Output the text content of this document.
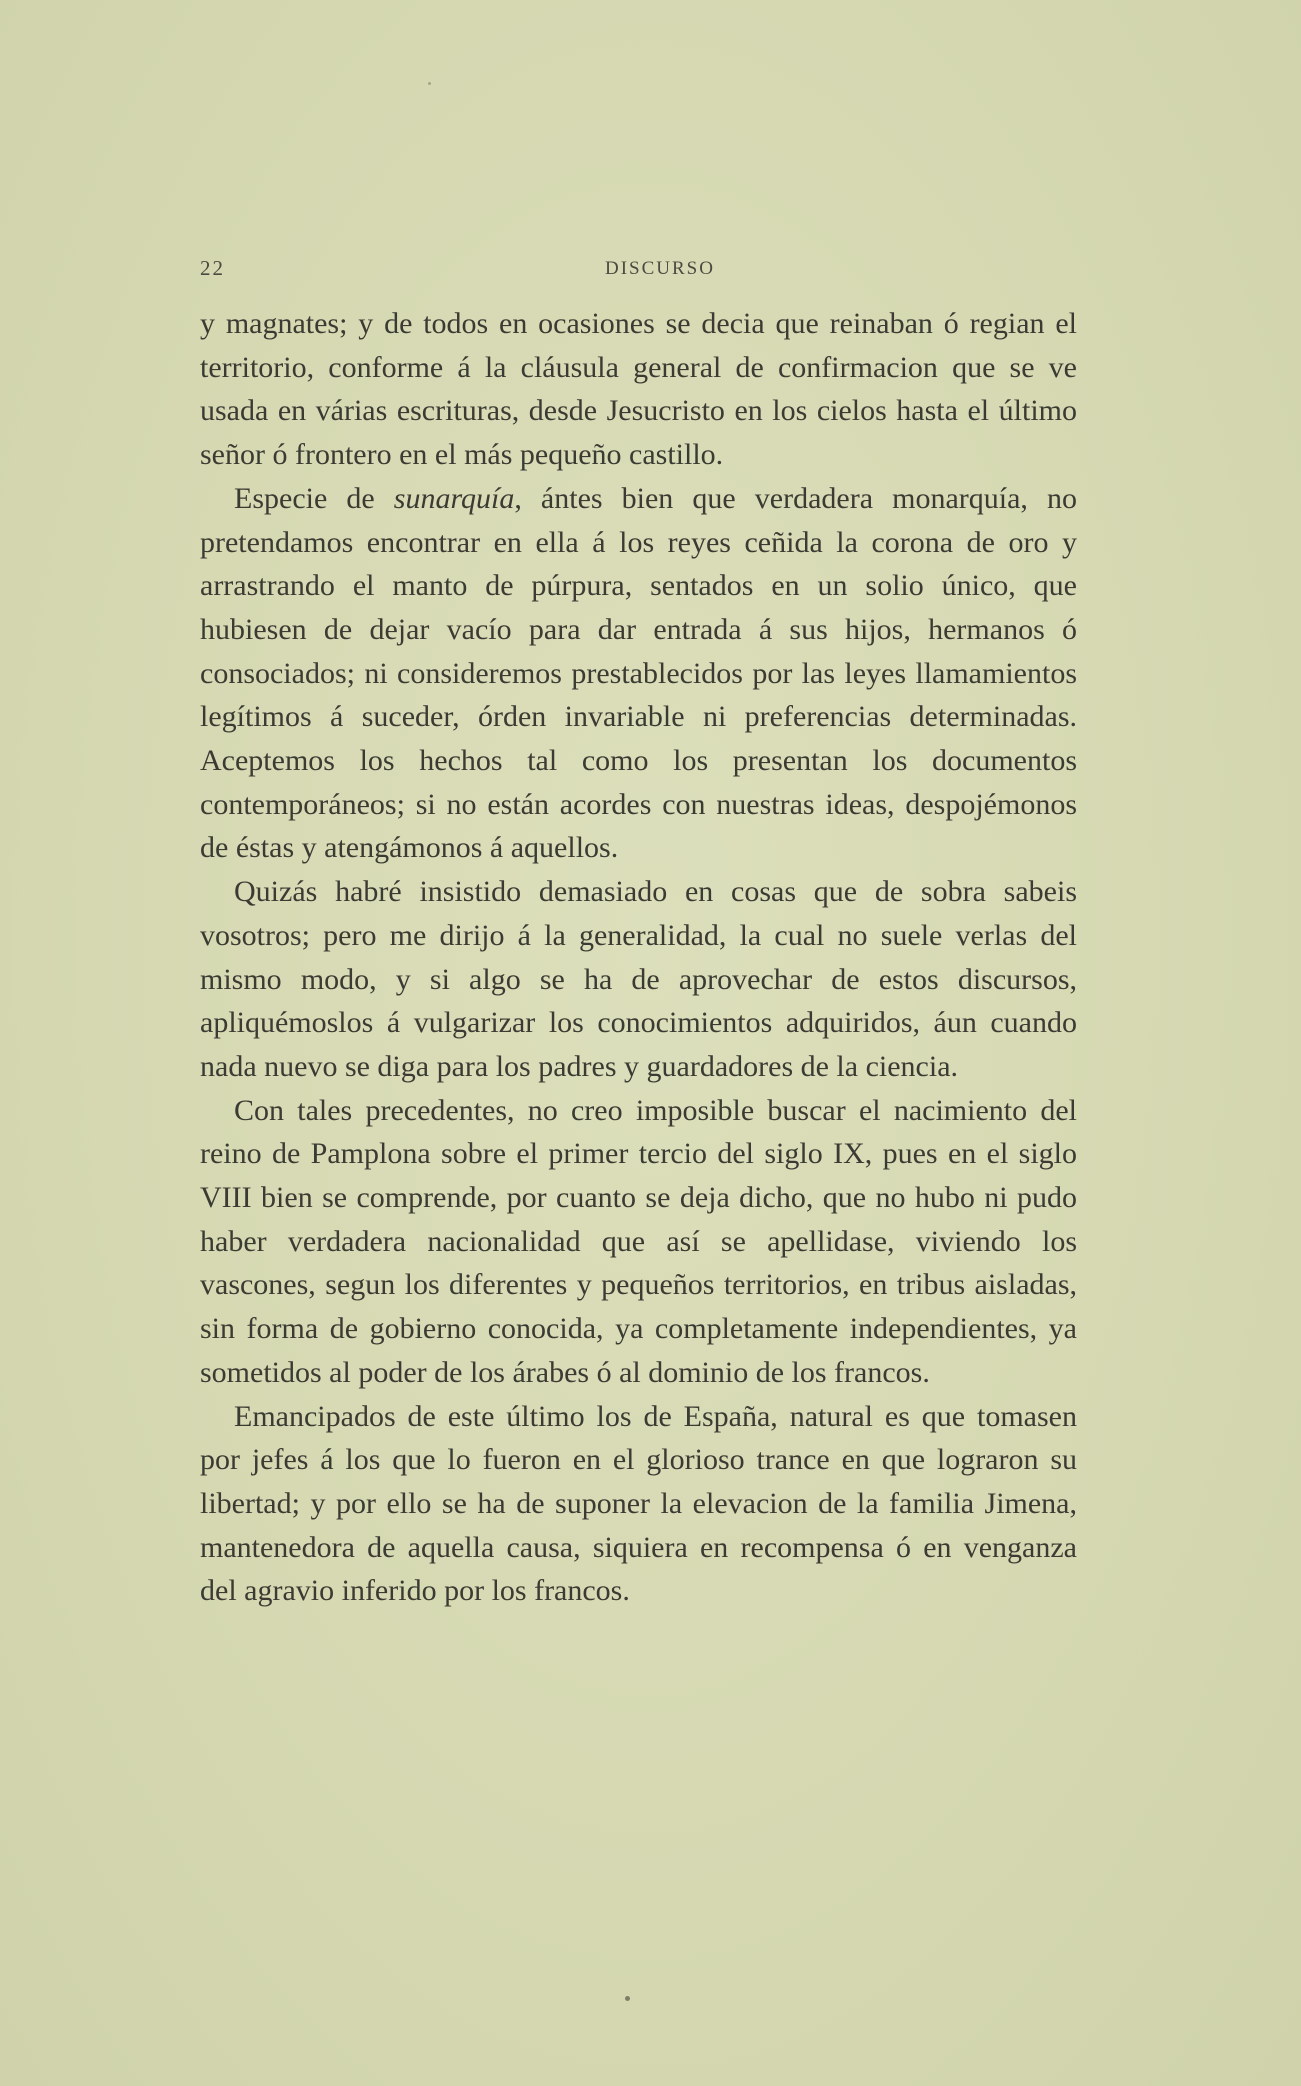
22	DISCURSO

y magnates; y de todos en ocasiones se decia que reinaban ó regian el territorio, conforme á la cláusula general de confirmacion que se ve usada en várias escrituras, desde Jesucristo en los cielos hasta el último señor ó frontero en el más pequeño castillo.

Especie de sunarquía, ántes bien que verdadera monarquía, no pretendamos encontrar en ella á los reyes ceñida la corona de oro y arrastrando el manto de púrpura, sentados en un solio único, que hubiesen de dejar vacío para dar entrada á sus hijos, hermanos ó consociados; ni consideremos prestablecidos por las leyes llamamientos legítimos á suceder, órden invariable ni preferencias determinadas. Aceptemos los hechos tal como los presentan los documentos contemporáneos; si no están acordes con nuestras ideas, despojémonos de éstas y atengámonos á aquellos.

Quizás habré insistido demasiado en cosas que de sobra sabeis vosotros; pero me dirijo á la generalidad, la cual no suele verlas del mismo modo, y si algo se ha de aprovechar de estos discursos, apliquémoslos á vulgarizar los conocimientos adquiridos, áun cuando nada nuevo se diga para los padres y guardadores de la ciencia.

Con tales precedentes, no creo imposible buscar el nacimiento del reino de Pamplona sobre el primer tercio del siglo IX, pues en el siglo VIII bien se comprende, por cuanto se deja dicho, que no hubo ni pudo haber verdadera nacionalidad que así se apellidase, viviendo los vascones, segun los diferentes y pequeños territorios, en tribus aisladas, sin forma de gobierno conocida, ya completamente independientes, ya sometidos al poder de los árabes ó al dominio de los francos.

Emancipados de este último los de España, natural es que tomasen por jefes á los que lo fueron en el glorioso trance en que lograron su libertad; y por ello se ha de suponer la elevacion de la familia Jimena, mantenedora de aquella causa, siquiera en recompensa ó en venganza del agravio inferido por los francos.
